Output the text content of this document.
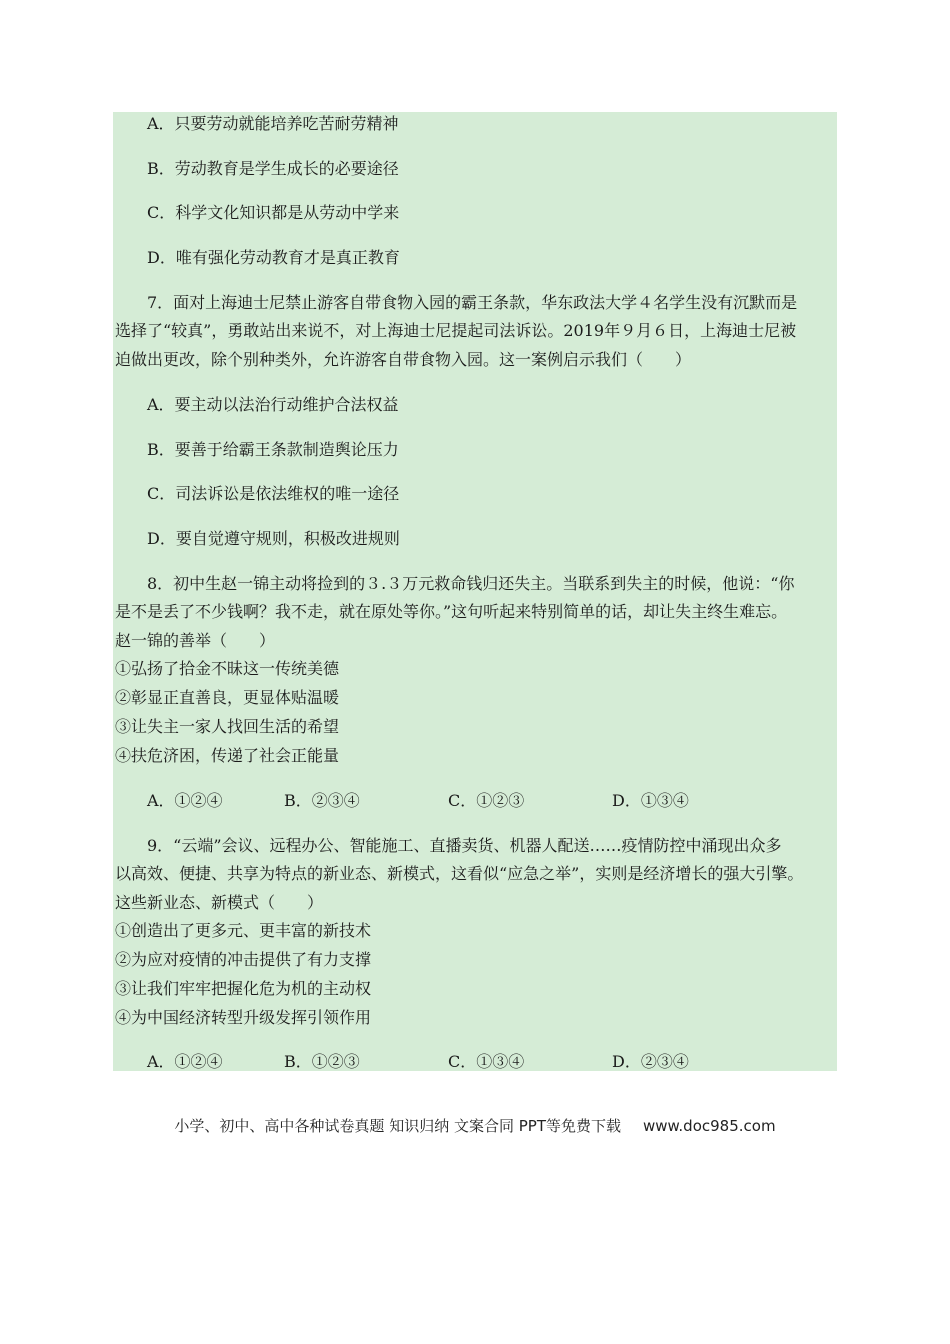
A．只要劳动就能培养吃苦耐劳精神
B．劳动教育是学生成长的必要途径
C．科学文化知识都是从劳动中学来
D．唯有强化劳动教育才是真正教育
7．面对上海迪士尼禁止游客自带食物入园的霸王条款，华东政法大学４名学生没有沉默而是
选择了“较真”，勇敢站出来说不，对上海迪士尼提起司法诉讼。2019年９月６日，上海迪士尼被
迫做出更改，除个别种类外，允许游客自带食物入园。这一案例启示我们（　　）
A．要主动以法治行动维护合法权益
B．要善于给霸王条款制造舆论压力
C．司法诉讼是依法维权的唯一途径
D．要自觉遵守规则，积极改进规则
8．初中生赵一锦主动将捡到的３.３万元救命钱归还失主。当联系到失主的时候，他说：“你
是不是丢了不少钱啊？我不走，就在原处等你。”这句听起来特别简单的话，却让失主终生难忘。
赵一锦的善举（　　）
①弘扬了拾金不昧这一传统美德
②彰显正直善良，更显体贴温暖
③让失主一家人找回生活的希望
④扶危济困，传递了社会正能量
A．①②④	B．②③④	C．①②③	D．①③④
9．“云端”会议、远程办公、智能施工、直播卖货、机器人配送……疫情防控中涌现出众多
以高效、便捷、共享为特点的新业态、新模式，这看似“应急之举”，实则是经济增长的强大引擎。
这些新业态、新模式（　　）
①创造出了更多元、更丰富的新技术
②为应对疫情的冲击提供了有力支撑
③让我们牢牢把握化危为机的主动权
④为中国经济转型升级发挥引领作用
A．①②④	B．①②③	C．①③④	D．②③④
小学、初中、高中各种试卷真题 知识归纳 文案合同 PPT等免费下载 www.doc985.com
